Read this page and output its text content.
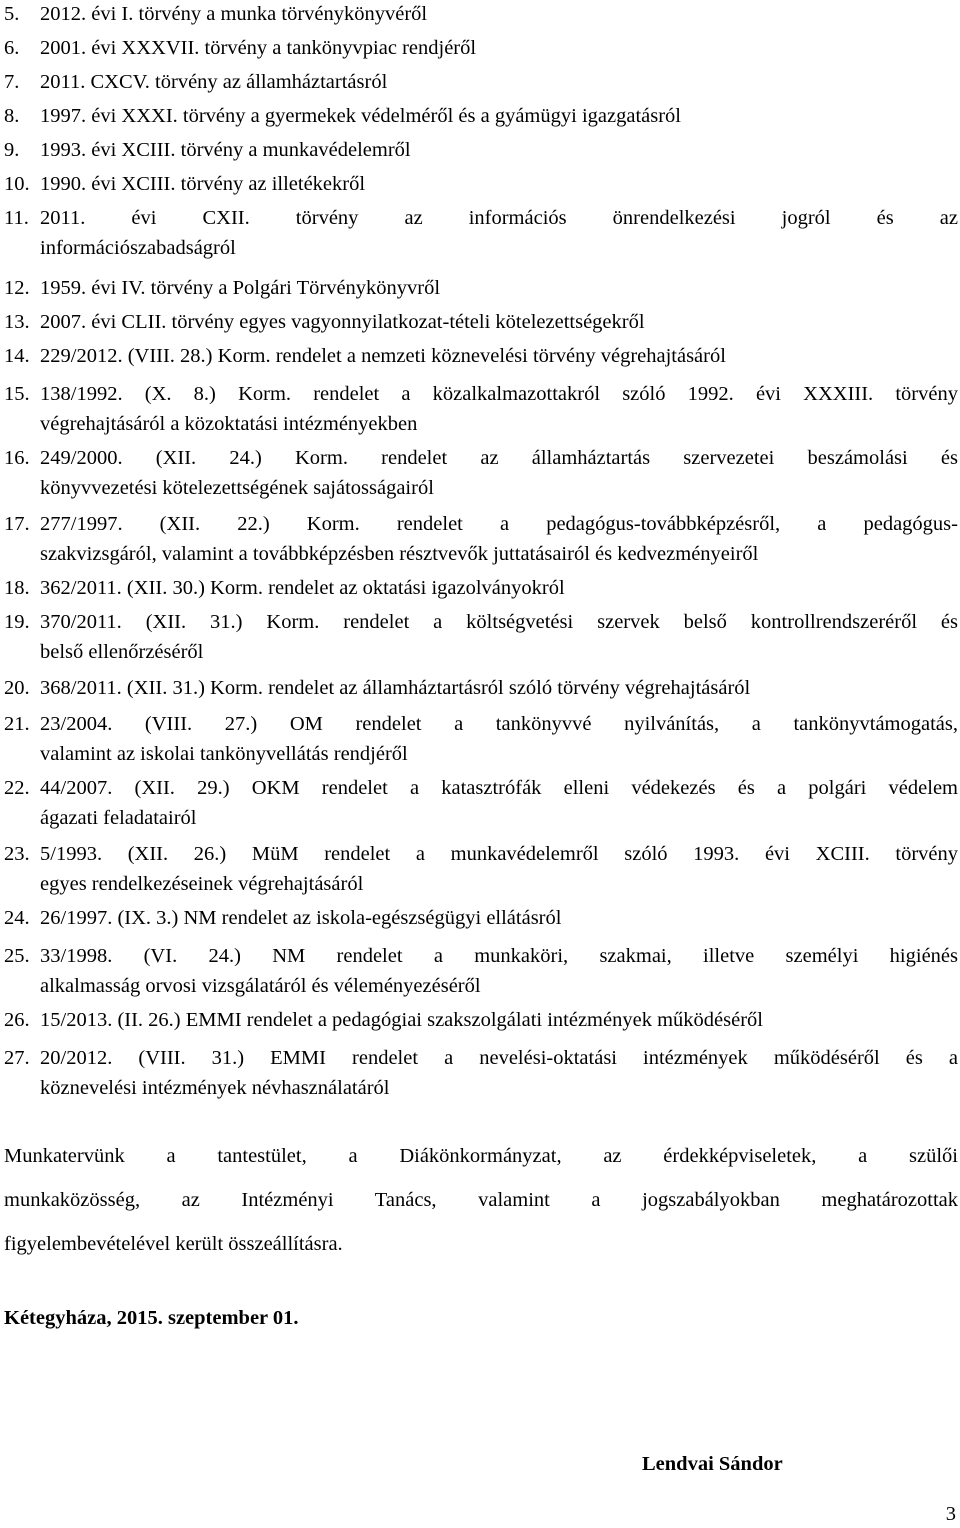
5. 2012. évi I. törvény a munka törvénykönyvéről
6. 2001. évi XXXVII. törvény a tankönyvpiac rendjéről
7. 2011. CXCV. törvény az államháztartásról
8. 1997. évi XXXI. törvény a gyermekek védelméről és a gyámügyi igazgatásról
9. 1993. évi XCIII. törvény a munkavédelemről
10. 1990. évi XCIII. törvény az illetékekről
11. 2011. évi CXII. törvény az információs önrendelkezési jogról és az
információszabadságról
12. 1959. évi IV. törvény a Polgári Törvénykönyvről
13. 2007. évi CLII. törvény egyes vagyonnyilatkozat-tételi kötelezettségekről
14. 229/2012. (VIII. 28.) Korm. rendelet a nemzeti köznevelési törvény végrehajtásáról
15. 138/1992. (X. 8.) Korm. rendelet a közalkalmazottakról szóló 1992. évi XXXIII. törvény
végrehajtásáról a közoktatási intézményekben
16. 249/2000. (XII. 24.) Korm. rendelet az államháztartás szervezetei beszámolási és
könyvvezetési kötelezettségének sajátosságairól
17. 277/1997. (XII. 22.) Korm. rendelet a pedagógus-továbbképzésről, a pedagógus-
szakvizsgáról, valamint a továbbképzésben résztvevők juttatásairól és kedvezményeiről
18. 362/2011. (XII. 30.) Korm. rendelet az oktatási igazolványokról
19. 370/2011. (XII. 31.) Korm. rendelet a költségvetési szervek belső kontrollrendszeréről és
belső ellenőrzéséről
20. 368/2011. (XII. 31.) Korm. rendelet az államháztartásról szóló törvény végrehajtásáról
21. 23/2004. (VIII. 27.) OM rendelet a tankönyvvé nyilvánítás, a tankönyvtámogatás,
valamint az iskolai tankönyvellátás rendjéről
22. 44/2007. (XII. 29.) OKM rendelet a katasztrófák elleni védekezés és a polgári védelem
ágazati feladatairól
23. 5/1993. (XII. 26.) MüM rendelet a munkavédelemről szóló 1993. évi XCIII. törvény
egyes rendelkezéseinek végrehajtásáról
24. 26/1997. (IX. 3.) NM rendelet az iskola-egészségügyi ellátásról
25. 33/1998. (VI. 24.) NM rendelet a munkaköri, szakmai, illetve személyi higiénés
alkalmasság orvosi vizsgálatáról és véleményezéséről
26. 15/2013. (II. 26.) EMMI rendelet a pedagógiai szakszolgálati intézmények működéséről
27. 20/2012. (VIII. 31.) EMMI rendelet a nevelési-oktatási intézmények működéséről és a
köznevelési intézmények névhasználatáról
Munkatervünk a tantestület, a Diákönkormányzat, az érdekképviseletek, a szülői
munkaközösség, az Intézményi Tanács, valamint a jogszabályokban meghatározottak
figyelembevételével került összeállításra.
Kétegyháza, 2015. szeptember 01.
Lendvai Sándor
3
